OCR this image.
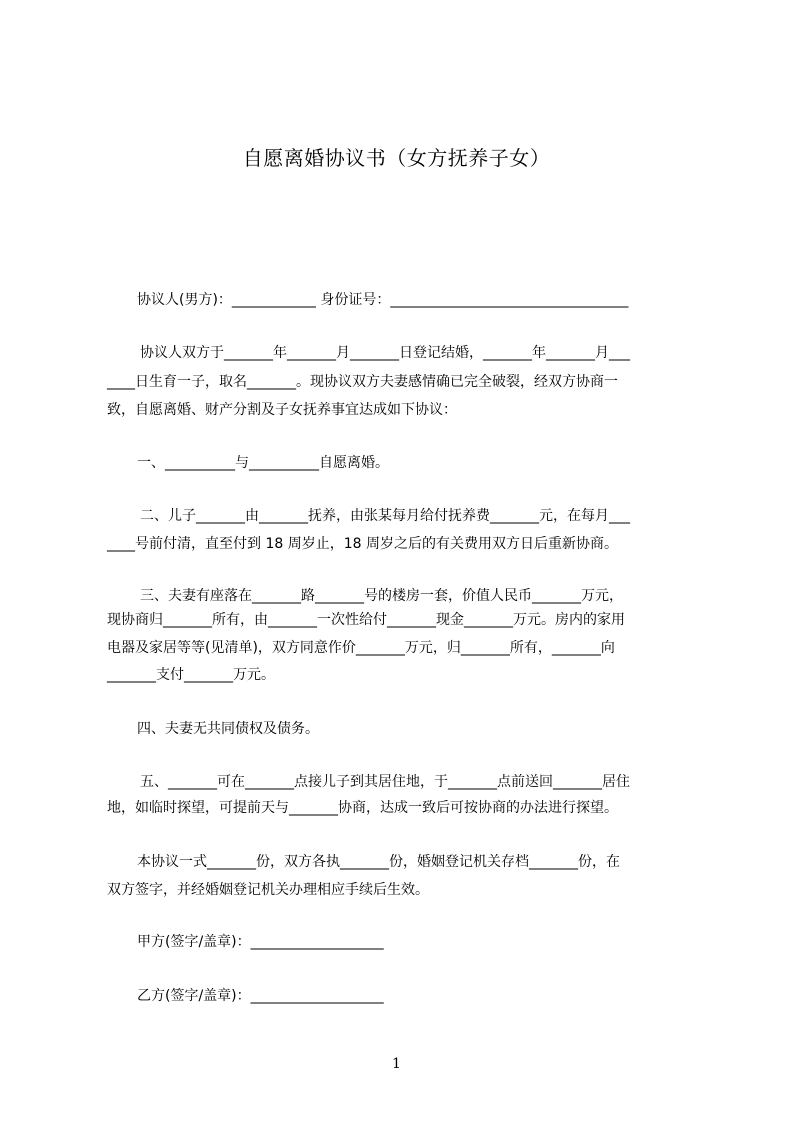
自愿离婚协议书（女方抚养子女）
协议人(男方)：____________ 身份证号：__________________________________
协议人双方于_______年_______月_______日登记结婚，_______年_______月___
____日生育一子，取名_______。现协议双方夫妻感情确已完全破裂，经双方协商一
致，自愿离婚、财产分割及子女抚养事宜达成如下协议：
一、__________与__________自愿离婚。
二、儿子_______由_______抚养，由张某每月给付抚养费_______元，在每月___
____号前付清，直至付到 18 周岁止，18 周岁之后的有关费用双方日后重新协商。
三、夫妻有座落在_______路_______号的楼房一套，价值人民币_______万元，
现协商归_______所有，由_______一次性给付_______现金_______万元。房内的家用
电器及家居等等(见清单)，双方同意作价_______万元，归_______所有，_______向
_______支付_______万元。
四、夫妻无共同债权及债务。
五、_______可在_______点接儿子到其居住地，于_______点前送回_______居住
地，如临时探望，可提前天与_______协商，达成一致后可按协商的办法进行探望。
本协议一式_______份，双方各执_______份，婚姻登记机关存档_______份，在
双方签字，并经婚姻登记机关办理相应手续后生效。
甲方(签字/盖章)：___________________
乙方(签字/盖章)：___________________
1
